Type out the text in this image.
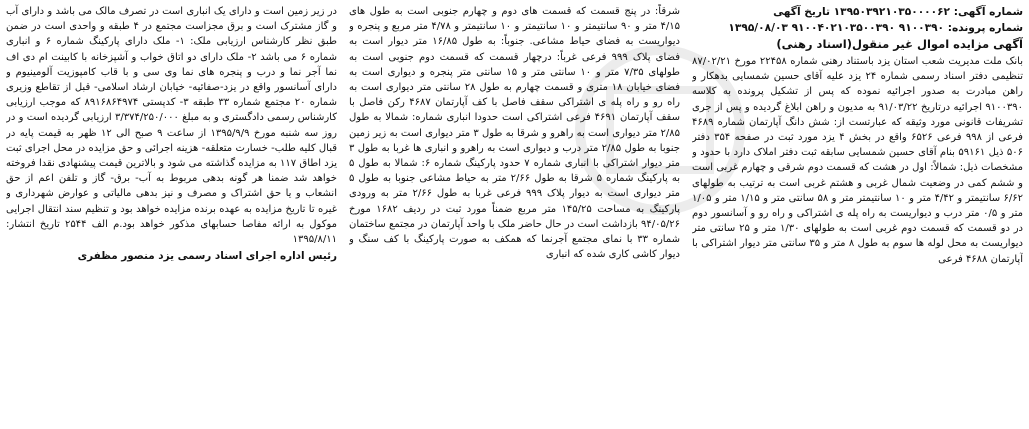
شماره آگهی: ۱۳۹۵۰۳۹۲۱۰۳۵۰۰۰۰۶۲ تاریخ آگهی
شماره پرونده: ۹۱۰۰۳۹۰ ۹۱۰۰۴۰۲۱۰۳۵۰۰۳۹۰ ۱۳۹۵/۰۸/۰۳
آگهی مزایده اموال غیر منقول(اسناد رهنی)

بانک ملت مدیریت شعب استان یزد باستناد رهنی شماره ۲۲۴۵۸ مورخ ۸۷/۰۲/۲۱ تنظیمی دفتر اسناد رسمی شماره ۲۴ یزد علیه آقای حسین شمسایی بدهکار و راهن مبادرت به صدور اجرائیه نموده که پس از تشکیل پرونده به کلاسه ۹۱۰۰۳۹۰ اجرائیه درتاریخ ۹۱/۰۳/۲۲ به مدیون و راهن ابلاغ گردیده و پس از جری تشریفات قانونی مورد وثیقه که عبارتست از: شش دانگ آپارتمان شماره ۴۶۸۹ فرعی از ۹۹۸ فرعی ۶۵۲۶ واقع در بخش ۴ یزد مورد ثبت در صفحه ۳۵۴ دفتر ۵۰۶ ذیل ۵۹۱۶۱ بنام آقای حسین شمسایی سابقه ثبت دفتر املاک دارد با حدود و مشخصات ذیل: شمالاً: اول در هشت که قسمت دوم شرقی و چهارم غربی است و ششم کمی در وضعیت شمال غربی و هشتم غربی است به ترتیب به طولهای ۶/۶۲ سانتیمتر و ۴/۴۲ متر و ۱۰ سانتیمتر متر و ۵۸ سانتی متر و ۱/۱۵ متر و ۱/۰۵ متر و ۰/۵ متر درب و دیواریست به راه پله ی اشتراکی و راه رو و آسانسور دوم در دو قسمت که قسمت دوم غربی است به طولهای ۱/۳۰ متر و ۲۵ سانتی متر دیواریست به محل لوله ها سوم به طول ۸ متر و ۳۵ سانتی متر دیوار اشتراکی با آپارتمان ۴۶۸۸ فرعی

شرقاً: در پنج قسمت که قسمت های دوم و چهارم جنوبی است به طول های ۴/۱۵ متر و ۹۰ سانتیمتر و ۱۰ سانتیمتر و ۱۰ سانتیمتر و ۴/۷۸ متر مربع و پنجره و دیواریست به فضای حیاط مشاعی. جنوباً: به طول ۱۶/۸۵ متر دیوار است به فضای پلاک ۹۹۹ فرعی غرباً: درچهار قسمت که قسمت دوم جنوبی است به طولهای ۷/۳۵ متر و ۱۰ سانتی متر و ۱۵ سانتی متر پنجره و دیواری است به فضای خیابان ۱۸ متری و قسمت چهارم به طول ۲۸ سانتی متر دیواری است به راه رو و راه پله ی اشتراکی سقف فاصل با کف آپارتمان ۴۶۸۷ رکن فاصل با سقف آپارتمان ۴۶۹۱ فرعی اشتراکی است حدودا انباری شماره: شمالا به طول ۲/۸۵ متر دیواری است به راهرو و شرقا به طول ۳ متر دیواری است به زیر زمین جنوبا به طول ۲/۸۵ متر درب و دیواری است به راهرو و انباری ها غربا به طول ۳ متر دیوار اشتراکی با انباری شماره ۷ حدود پارکینگ شماره ۶: شمالا به طول ۵ به پارکینگ شماره ۵ شرقا به طول ۲/۶۶ متر به حیاط مشاعی جنوبا به طول ۵ متر دیواری است به دیوار پلاک ۹۹۹ فرعی غربا به طول ۲/۶۶ متر به ورودی پارکینگ به مساحت ۱۴۵/۲۵ متر مربع ضمناً مورد ثبت در ردیف ۱۶۸۲ مورخ ۹۴/۰۵/۲۶ بازداشت است در حال حاضر ملک با واحد آپارتمان در مجتمع ساختمان شماره ۳۳ با نمای مجتمع آجرنما که همکف به صورت پارکینگ با کف سنگ و دیوار کاشی کاری شده که انباری

در زیر زمین است و دارای یک انباری است در تصرف مالک می باشد و دارای آب و گاز مشترک است و برق مجزاست مجتمع در ۴ طبقه و واحدی است در ضمن طبق نظر کارشناس ارزیابی ملک: ۱- ملک دارای پارکینگ شماره ۶ و انباری شماره ۶ می باشد ۲- ملک دارای دو اتاق خواب و آشپزخانه با کابینت ام دی اف نما آجر نما و درب و پنجره های نما وی سی و با قاب کامپوزیت آلومینیوم و دارای آسانسور واقع در یزد-صفائیه- خیابان ارشاد اسلامی- قبل از تقاطع وزیری شماره ۲۰ مجتمع شماره ۳۳ طبقه ۳- کدپستی ۸۹۱۶۸۶۴۹۷۴ که موجب ارزیابی کارشناس رسمی دادگستری و به مبلغ ۳/۳۷۴/۲۵۰/۰۰۰ ارزیابی گردیده است و در روز سه شنبه مورخ ۱۳۹۵/۹/۹ از ساعت ۹ صبح الی ۱۲ ظهر به قیمت پایه در قبال کلیه طلب- خسارت متعلقه- هزینه اجرائی و حق مزایده در محل اجرای ثبت یزد اطاق ۱۱۷ به مزایده گذاشته می شود و بالاترین قیمت پیشنهادی نقدا فروخته خواهد شد ضمنا هر گونه بدهی مربوط به آب- برق- گاز و تلفن اعم از حق انشعاب و یا حق اشتراک و مصرف و نیز بدهی مالیاتی و عوارض شهرداری و غیره تا تاریخ مزایده به عهده برنده مزایده خواهد بود و تنظیم سند انتقال اجرایی موکول به ارائه مفاصا حسابهای مذکور خواهد بود.م الف ۲۵۴۴ تاریخ انتشار: ۱۳۹۵/۸/۱۱

رئیس اداره اجرای اسناد رسمی یزد منصور مظفری
